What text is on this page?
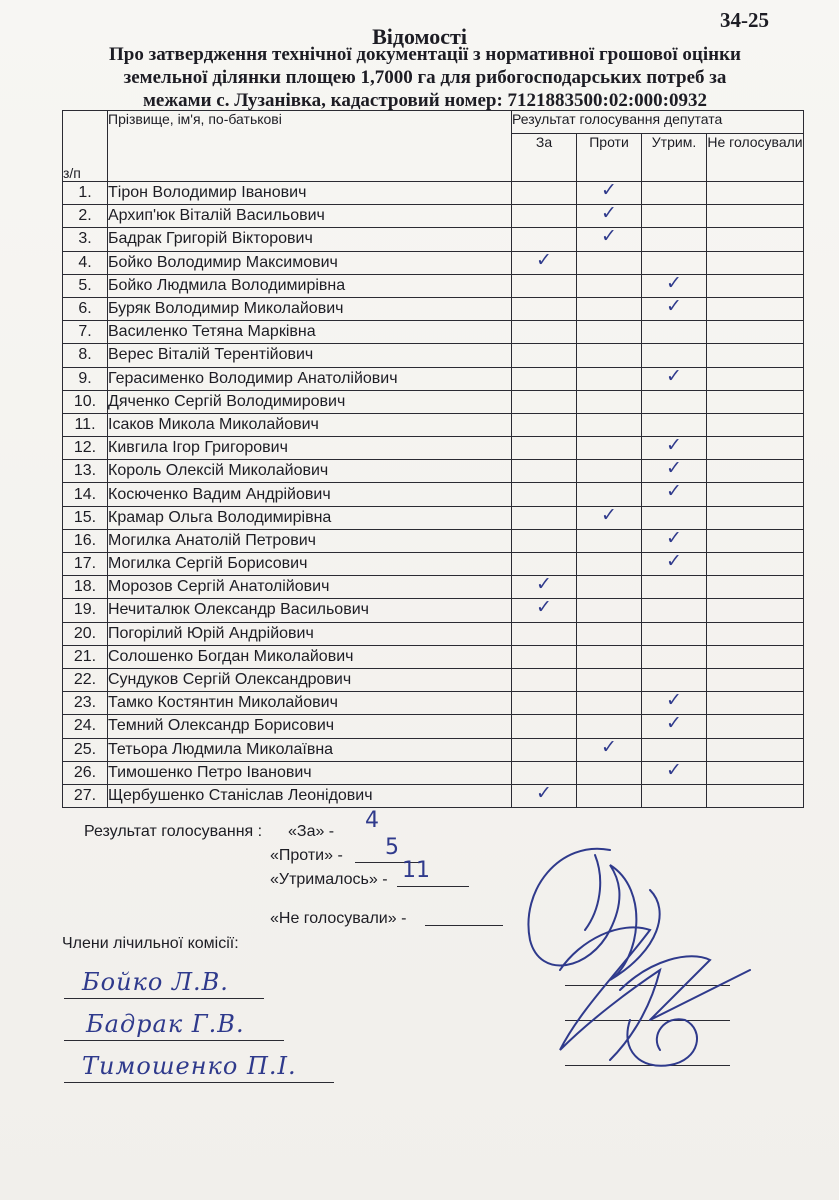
Відомості
34-25
Про затвердження технічної документації з нормативної грошової оцінки
земельної ділянки площею 1,7000 га для рибогосподарських потреб за
межами с. Лузанівка, кадастровий номер: 7121883500:02:000:0932
з/п	Прізвище, ім'я, по-батькові	Результат голосування депутата			
		За	Проти	Утрим.	Не голосували
1.	Тірон Володимир Іванович		✓		

2.	Архип'юк Віталій Васильович		✓		

3.	Бадрак Григорій Вікторович		✓		

4.	Бойко Володимир Максимович	✓			

5.	Бойко Людмила Володимирівна			✓	

6.	Буряк Володимир Миколайович			✓	

7.	Василенко Тетяна Марківна				
8.	Верес Віталій Терентійович				
9.	Герасименко Володимир Анатолійович			✓	

10.	Дяченко Сергій Володимирович				
11.	Ісаков Микола Миколайович				
12.	Кивгила Ігор Григорович			✓	

13.	Король Олексій Миколайович			✓	

14.	Косюченко Вадим Андрійович			✓	

15.	Крамар Ольга Володимирівна		✓		

16.	Могилка Анатолій Петрович			✓	

17.	Могилка Сергій Борисович			✓	

18.	Морозов Сергій Анатолійович	✓			

19.	Нечиталюк Олександр Васильович	✓			

20.	Погорілий Юрій Андрійович				
21.	Солошенко Богдан Миколайович				
22.	Сундуков Сергій Олександрович				
23.	Тамко Костянтин Миколайович			✓	

24.	Темний Олександр Борисович			✓	

25.	Тетьора Людмила Миколаївна		✓		

26.	Тимошенко Петро Іванович			✓	

27.	Щербушенко Станіслав Леонідович	✓			

Результат голосування : «За» - 4
«Проти» - 5
«Утрималось» - 11
«Не голосували» -
Члени лічильної комісії:
Бойко Л.В.
Бадрак Г.В.
Тимошенко П.І.
